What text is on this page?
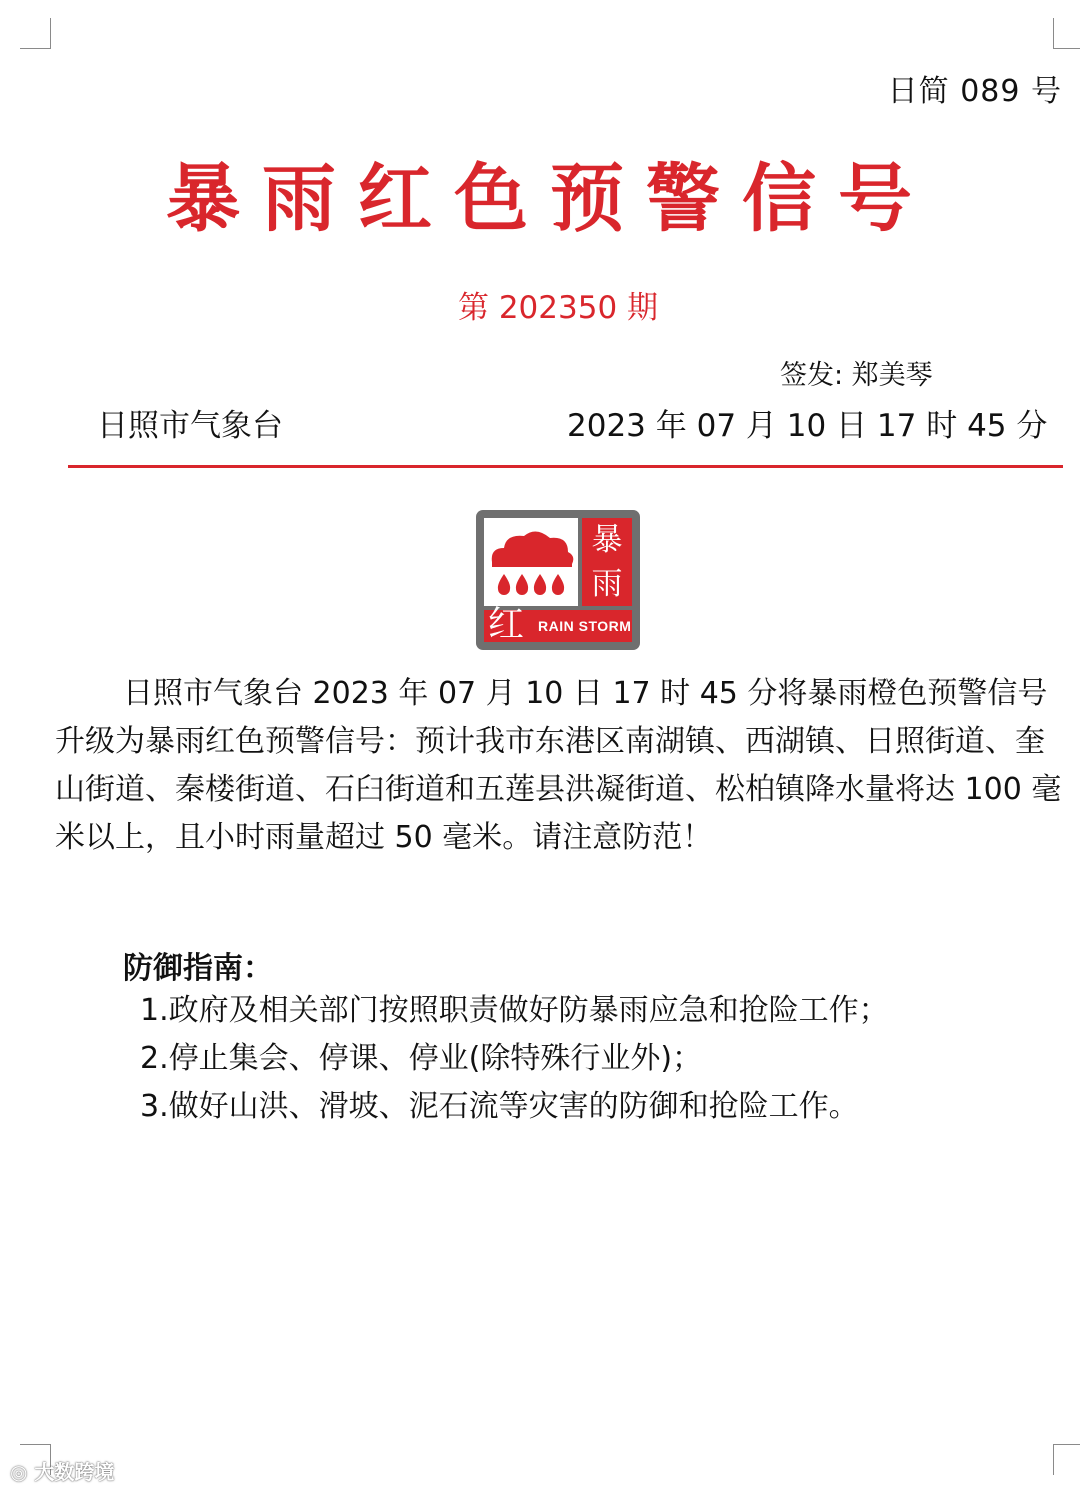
日简 089 号
暴雨红色预警信号
第 202350 期
签发: 郑美琴
日照市气象台	2023 年 07 月 10 日 17 时 45 分
暴
雨
红 RAIN STORM
日照市气象台 2023 年 07 月 10 日 17 时 45 分将暴雨橙色预警信号升级为暴雨红色预警信号：预计我市东港区南湖镇、西湖镇、日照街道、奎山街道、秦楼街道、石臼街道和五莲县洪凝街道、松柏镇降水量将达 100 毫米以上，且小时雨量超过 50 毫米。请注意防范！
防御指南：
1.政府及相关部门按照职责做好防暴雨应急和抢险工作；
2.停止集会、停课、停业(除特殊行业外)；
3.做好山洪、滑坡、泥石流等灾害的防御和抢险工作。
◎ 大数跨境
